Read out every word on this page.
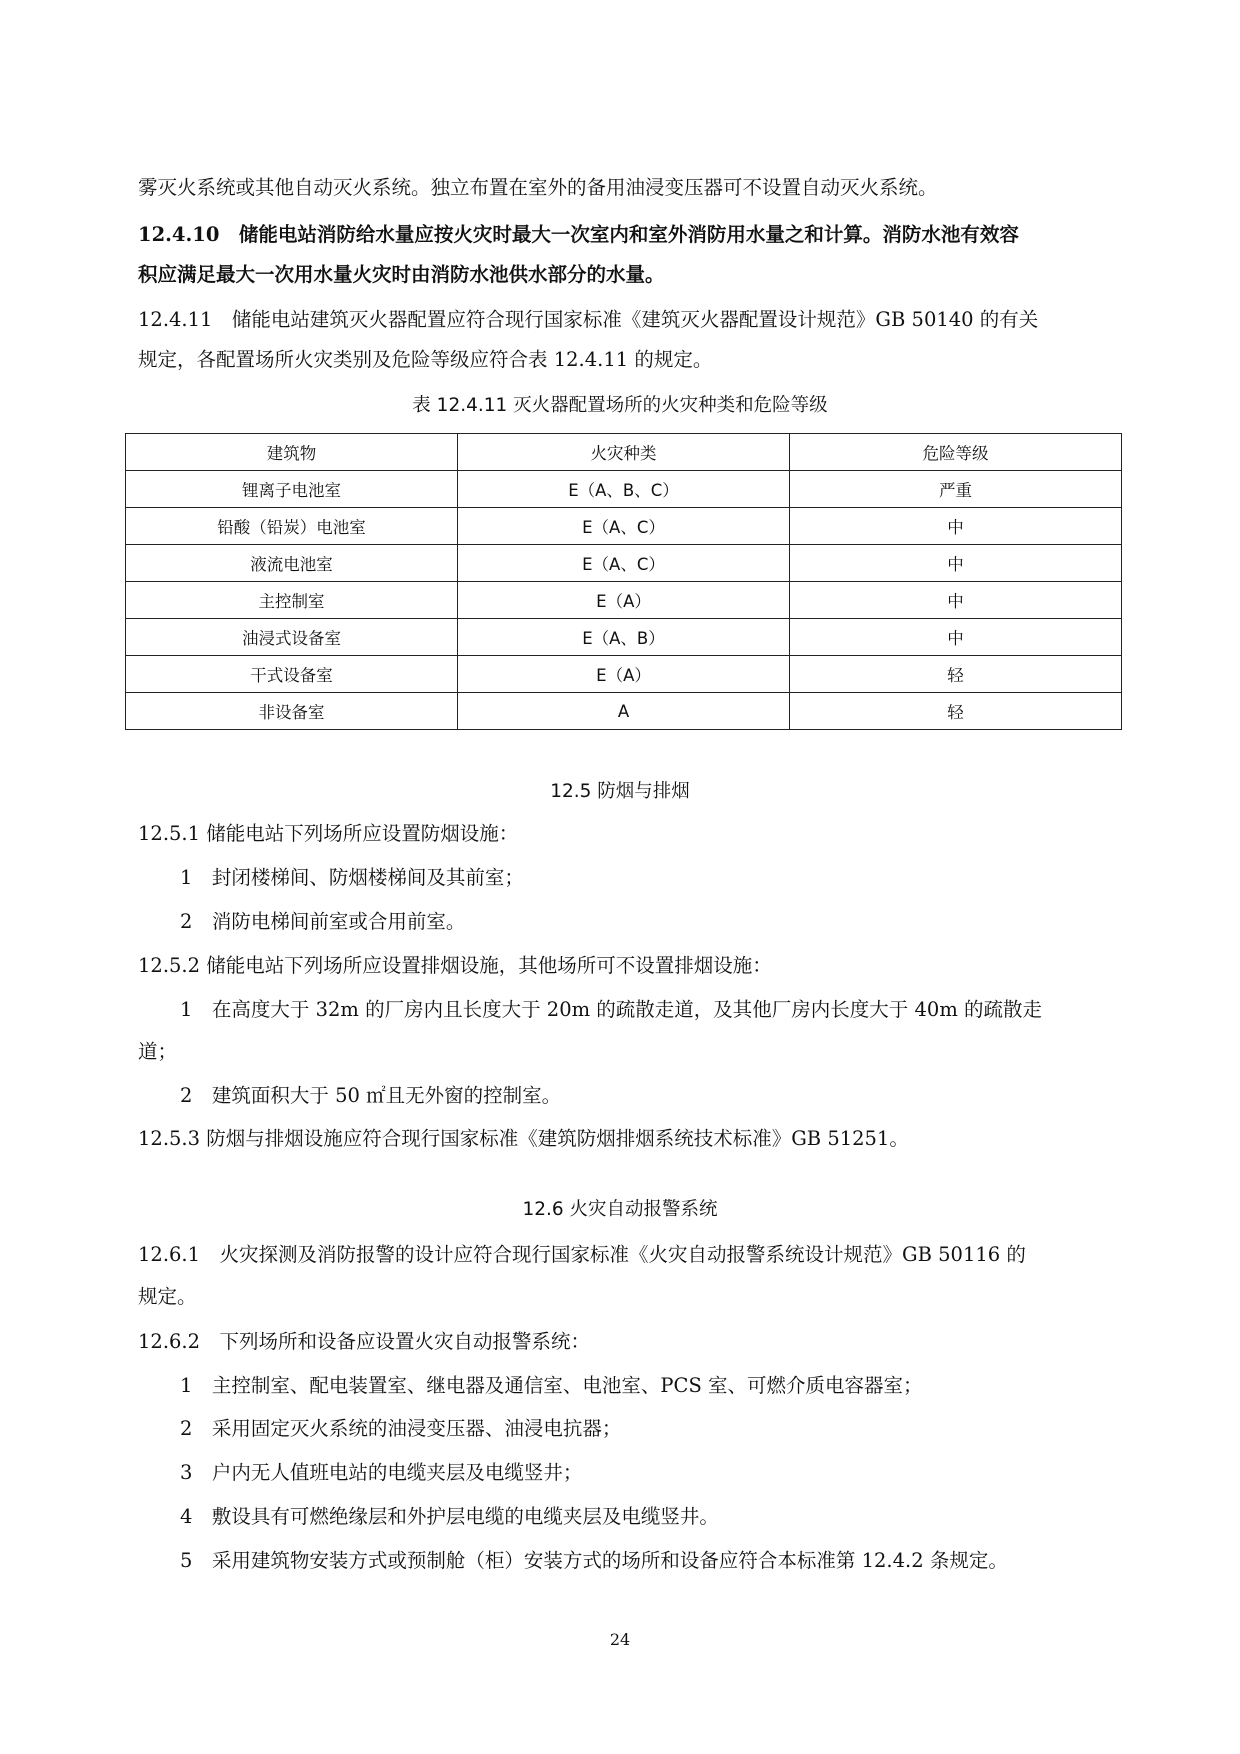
雾灭火系统或其他自动灭火系统。独立布置在室外的备用油浸变压器可不设置自动灭火系统。
12.4.10　储能电站消防给水量应按火灾时最大一次室内和室外消防用水量之和计算。消防水池有效容
积应满足最大一次用水量火灾时由消防水池供水部分的水量。
12.4.11　储能电站建筑灭火器配置应符合现行国家标准《建筑灭火器配置设计规范》GB 50140 的有关
规定，各配置场所火灾类别及危险等级应符合表 12.4.11 的规定。
表 12.4.11 灭火器配置场所的火灾种类和危险等级
建筑物	火灾种类	危险等级
锂离子电池室	E（A、B、C）	严重
铅酸（铅炭）电池室	E（A、C）	中
液流电池室	E（A、C）	中
主控制室	E（A）	中
油浸式设备室	E（A、B）	中
干式设备室	E（A）	轻
非设备室	A	轻
12.5 防烟与排烟
12.5.1 储能电站下列场所应设置防烟设施：
1　封闭楼梯间、防烟楼梯间及其前室；
2　消防电梯间前室或合用前室。
12.5.2 储能电站下列场所应设置排烟设施，其他场所可不设置排烟设施：
1　在高度大于 32m 的厂房内且长度大于 20m 的疏散走道，及其他厂房内长度大于 40m 的疏散走
道；
2　建筑面积大于 50 ㎡且无外窗的控制室。
12.5.3 防烟与排烟设施应符合现行国家标准《建筑防烟排烟系统技术标准》GB 51251。
12.6 火灾自动报警系统
12.6.1　火灾探测及消防报警的设计应符合现行国家标准《火灾自动报警系统设计规范》GB 50116 的
规定。
12.6.2　下列场所和设备应设置火灾自动报警系统：
1　主控制室、配电装置室、继电器及通信室、电池室、PCS 室、可燃介质电容器室；
2　采用固定灭火系统的油浸变压器、油浸电抗器；
3　户内无人值班电站的电缆夹层及电缆竖井；
4　敷设具有可燃绝缘层和外护层电缆的电缆夹层及电缆竖井。
5　采用建筑物安装方式或预制舱（柜）安装方式的场所和设备应符合本标准第 12.4.2 条规定。
24
